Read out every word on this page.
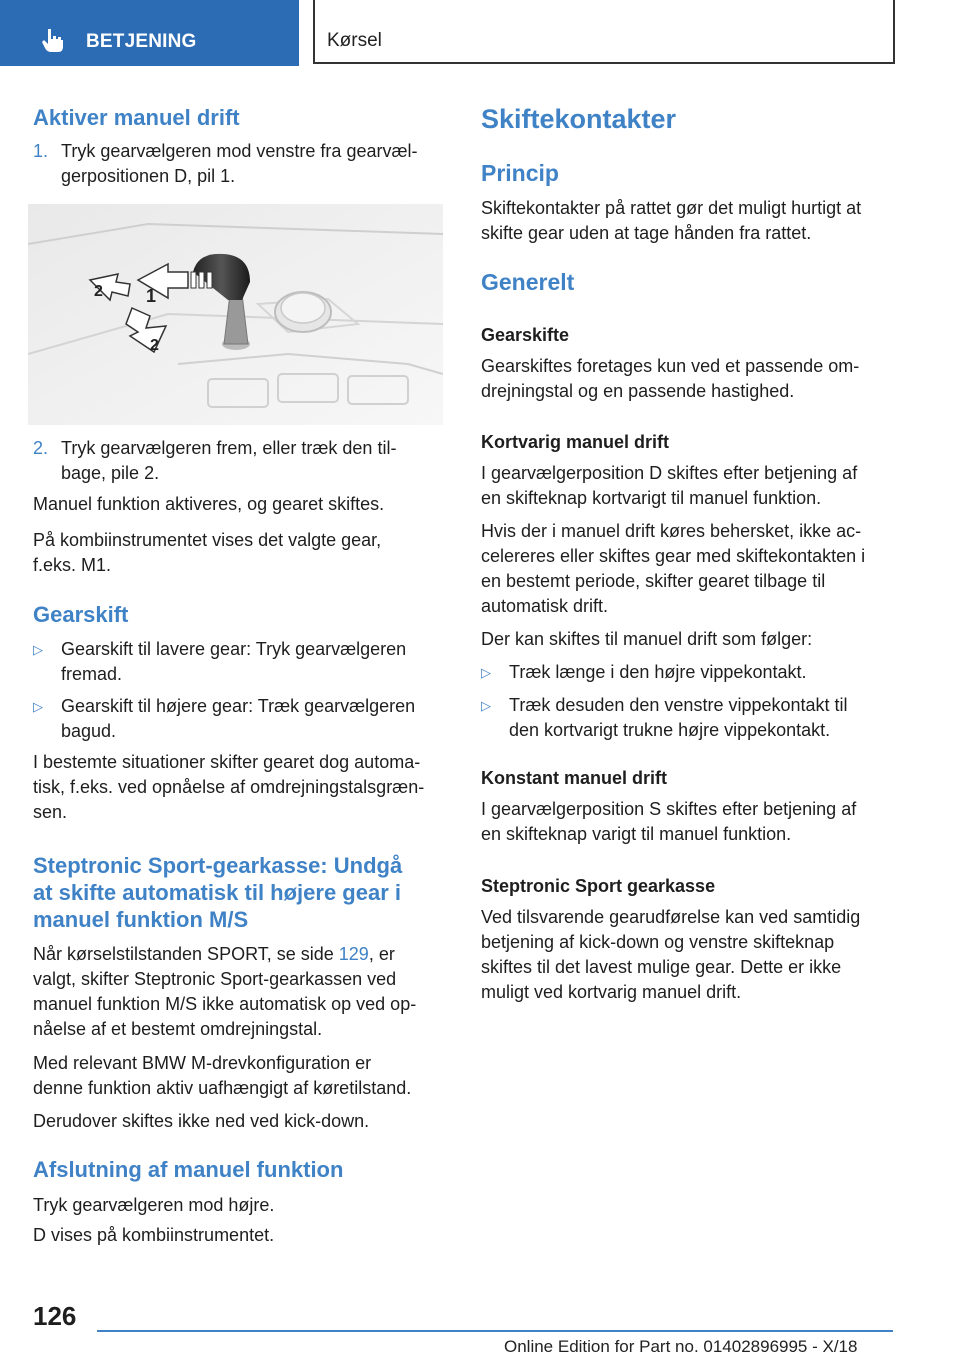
BETJENING	Kørsel
Aktiver manuel drift
1. Tryk gearvælgeren mod venstre fra gearvæl-
gerpositionen D, pil 1.
1
2
2
2. Tryk gearvælgeren frem, eller træk den til-
bage, pile 2.

Manuel funktion aktiveres, og gearet skiftes.

På kombiinstrumentet vises det valgte gear,

f.eks. M1.

Gearskift
▷ Gearskift til lavere gear: Tryk gearvælgeren
fremad.
▷ Gearskift til højere gear: Træk gearvælgeren
bagud.

I bestemte situationer skifter gearet dog automa-

tisk, f.eks. ved opnåelse af omdrejningstalsgræn-

sen.

Steptronic Sport-gearkasse: Undgå
at skifte automatisk til højere gear i
manuel funktion M/S

Når kørselstilstanden SPORT, se side 129, er

valgt, skifter Steptronic Sport-gearkassen ved

manuel funktion M/S ikke automatisk op ved op-

nåelse af et bestemt omdrejningstal.

Med relevant BMW M-drevkonfiguration er

denne funktion aktiv uafhængigt af køretilstand.

Derudover skiftes ikke ned ved kick-down.

Afslutning af manuel funktion

Tryk gearvælgeren mod højre.

D vises på kombiinstrumentet.

Skiftekontakter
Princip

Skiftekontakter på rattet gør det muligt hurtigt at

skifte gear uden at tage hånden fra rattet.

Generelt
Gearskifte

Gearskiftes foretages kun ved et passende om-

drejningstal og en passende hastighed.

Kortvarig manuel drift

I gearvælgerposition D skiftes efter betjening af

en skifteknap kortvarigt til manuel funktion.

Hvis der i manuel drift køres behersket, ikke ac-

celereres eller skiftes gear med skiftekontakten i

en bestemt periode, skifter gearet tilbage til

automatisk drift.

Der kan skiftes til manuel drift som følger:

▷ Træk længe i den højre vippekontakt.
▷ Træk desuden den venstre vippekontakt til
den kortvarigt trukne højre vippekontakt.
Konstant manuel drift

I gearvælgerposition S skiftes efter betjening af

en skifteknap varigt til manuel funktion.

Steptronic Sport gearkasse

Ved tilsvarende gearudførelse kan ved samtidig

betjening af kick-down og venstre skifteknap

skiftes til det lavest mulige gear. Dette er ikke

muligt ved kortvarig manuel drift.

126
Online Edition for Part no. 01402896995 - X/18
